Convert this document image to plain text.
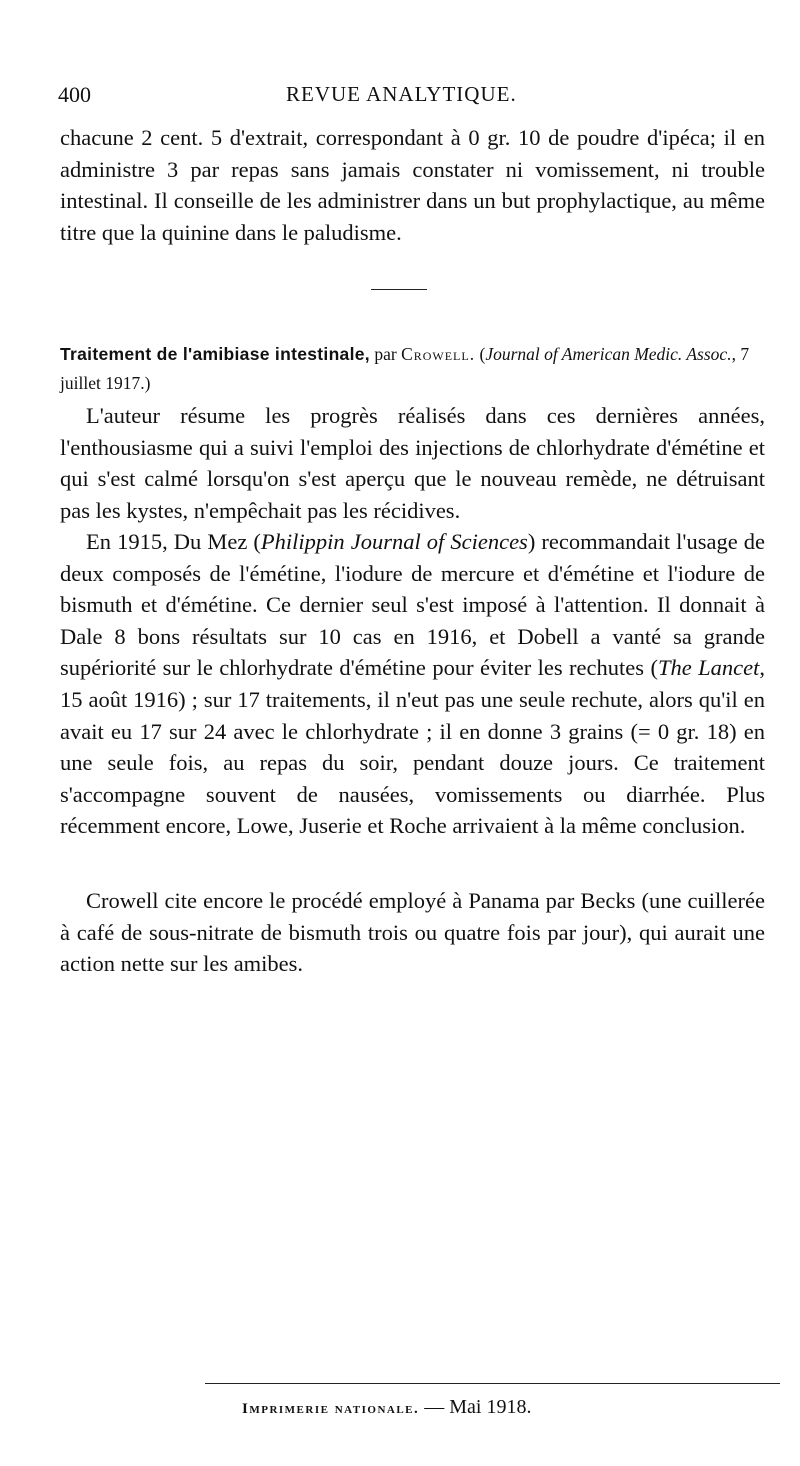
400	REVUE ANALYTIQUE.

chacune 2 cent. 5 d'extrait, correspondant à 0 gr. 10 de poudre d'ipéca; il en administre 3 par repas sans jamais constater ni vomissement, ni trouble intestinal. Il conseille de les administrer dans un but prophylactique, au même titre que la quinine dans le paludisme.

Traitement de l'amibiase intestinale, par Crowell. (Journal of American Medic. Assoc., 7 juillet 1917.)

L'auteur résume les progrès réalisés dans ces dernières années, l'enthousiasme qui a suivi l'emploi des injections de chlorhydrate d'émétine et qui s'est calmé lorsqu'on s'est aperçu que le nouveau remède, ne détruisant pas les kystes, n'empêchait pas les récidives.

En 1915, Du Mez (Philippin Journal of Sciences) recommandait l'usage de deux composés de l'émétine, l'iodure de mercure et d'émétine et l'iodure de bismuth et d'émétine. Ce dernier seul s'est imposé à l'attention. Il donnait à Dale 8 bons résultats sur 10 cas en 1916, et Dobell a vanté sa grande supériorité sur le chlorhydrate d'émétine pour éviter les rechutes (The Lancet, 15 août 1916) ; sur 17 traitements, il n'eut pas une seule rechute, alors qu'il en avait eu 17 sur 24 avec le chlorhydrate ; il en donne 3 grains (= 0 gr. 18) en une seule fois, au repas du soir, pendant douze jours. Ce traitement s'accompagne souvent de nausées, vomissements ou diarrhée. Plus récemment encore, Lowe, Juserie et Roche arrivaient à la même conclusion.

Crowell cite encore le procédé employé à Panama par Becks (une cuillerée à café de sous-nitrate de bismuth trois ou quatre fois par jour), qui aurait une action nette sur les amibes.

Imprimerie nationale. — Mai 1918.
